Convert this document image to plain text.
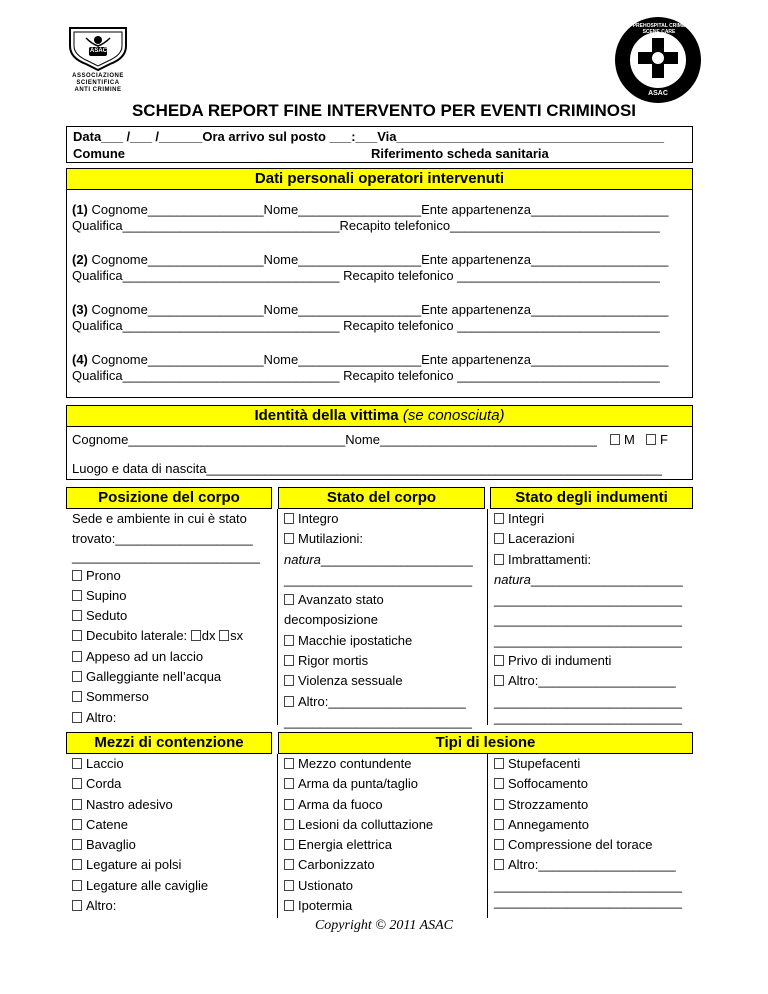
ASAC
ASSOCIAZIONE
SCIENTIFICA
ANTI CRIMINE
PREHOSPITAL CRIME SCENE CARE
ASAC
SCHEDA REPORT FINE INTERVENTO PER EVENTI CRIMINOSI
Data___ /___ /______Ora arrivo sul posto ___:___Via_____________________________________
Comune	Riferimento scheda sanitaria
Dati personali operatori intervenuti
(1) Cognome________________Nome_________________Ente appartenenza___________________
Qualifica______________________________Recapito telefonico_____________________________
(2) Cognome________________Nome_________________Ente appartenenza___________________
Qualifica______________________________ Recapito telefonico ____________________________
(3) Cognome________________Nome_________________Ente appartenenza___________________
Qualifica______________________________ Recapito telefonico ____________________________
(4) Cognome________________Nome_________________Ente appartenenza___________________
Qualifica______________________________ Recapito telefonico ____________________________
Identità della vittima (se conosciuta)
Cognome______________________________Nome______________________________	M	F
Luogo e data di nascita_______________________________________________________________
Posizione del corpo	Stato del corpo	Stato degli indumenti
Sede e ambiente in cui è stato
trovato:___________________
__________________________
Prono
Supino
Seduto
Decubito laterale: dx sx
Appeso ad un laccio
Galleggiante nell’acqua
Sommerso
Altro:
Integro
Mutilazioni:
natura_____________________
__________________________
Avanzato stato
decomposizione
Macchie ipostatiche
Rigor mortis
Violenza sessuale
Altro:___________________
__________________________
Integri
Lacerazioni
Imbrattamenti:
natura_____________________
__________________________
__________________________
__________________________
Privo di indumenti
Altro:___________________
__________________________
__________________________
Mezzi di contenzione	Tipi di lesione
Laccio
Corda
Nastro adesivo
Catene
Bavaglio
Legature ai polsi
Legature alle caviglie
Altro:
Mezzo contundente
Arma da punta/taglio
Arma da fuoco
Lesioni da colluttazione
Energia elettrica
Carbonizzato
Ustionato
Ipotermia
Stupefacenti
Soffocamento
Strozzamento
Annegamento
Compressione del torace
Altro:___________________
__________________________
__________________________
Copyright © 2011 ASAC
